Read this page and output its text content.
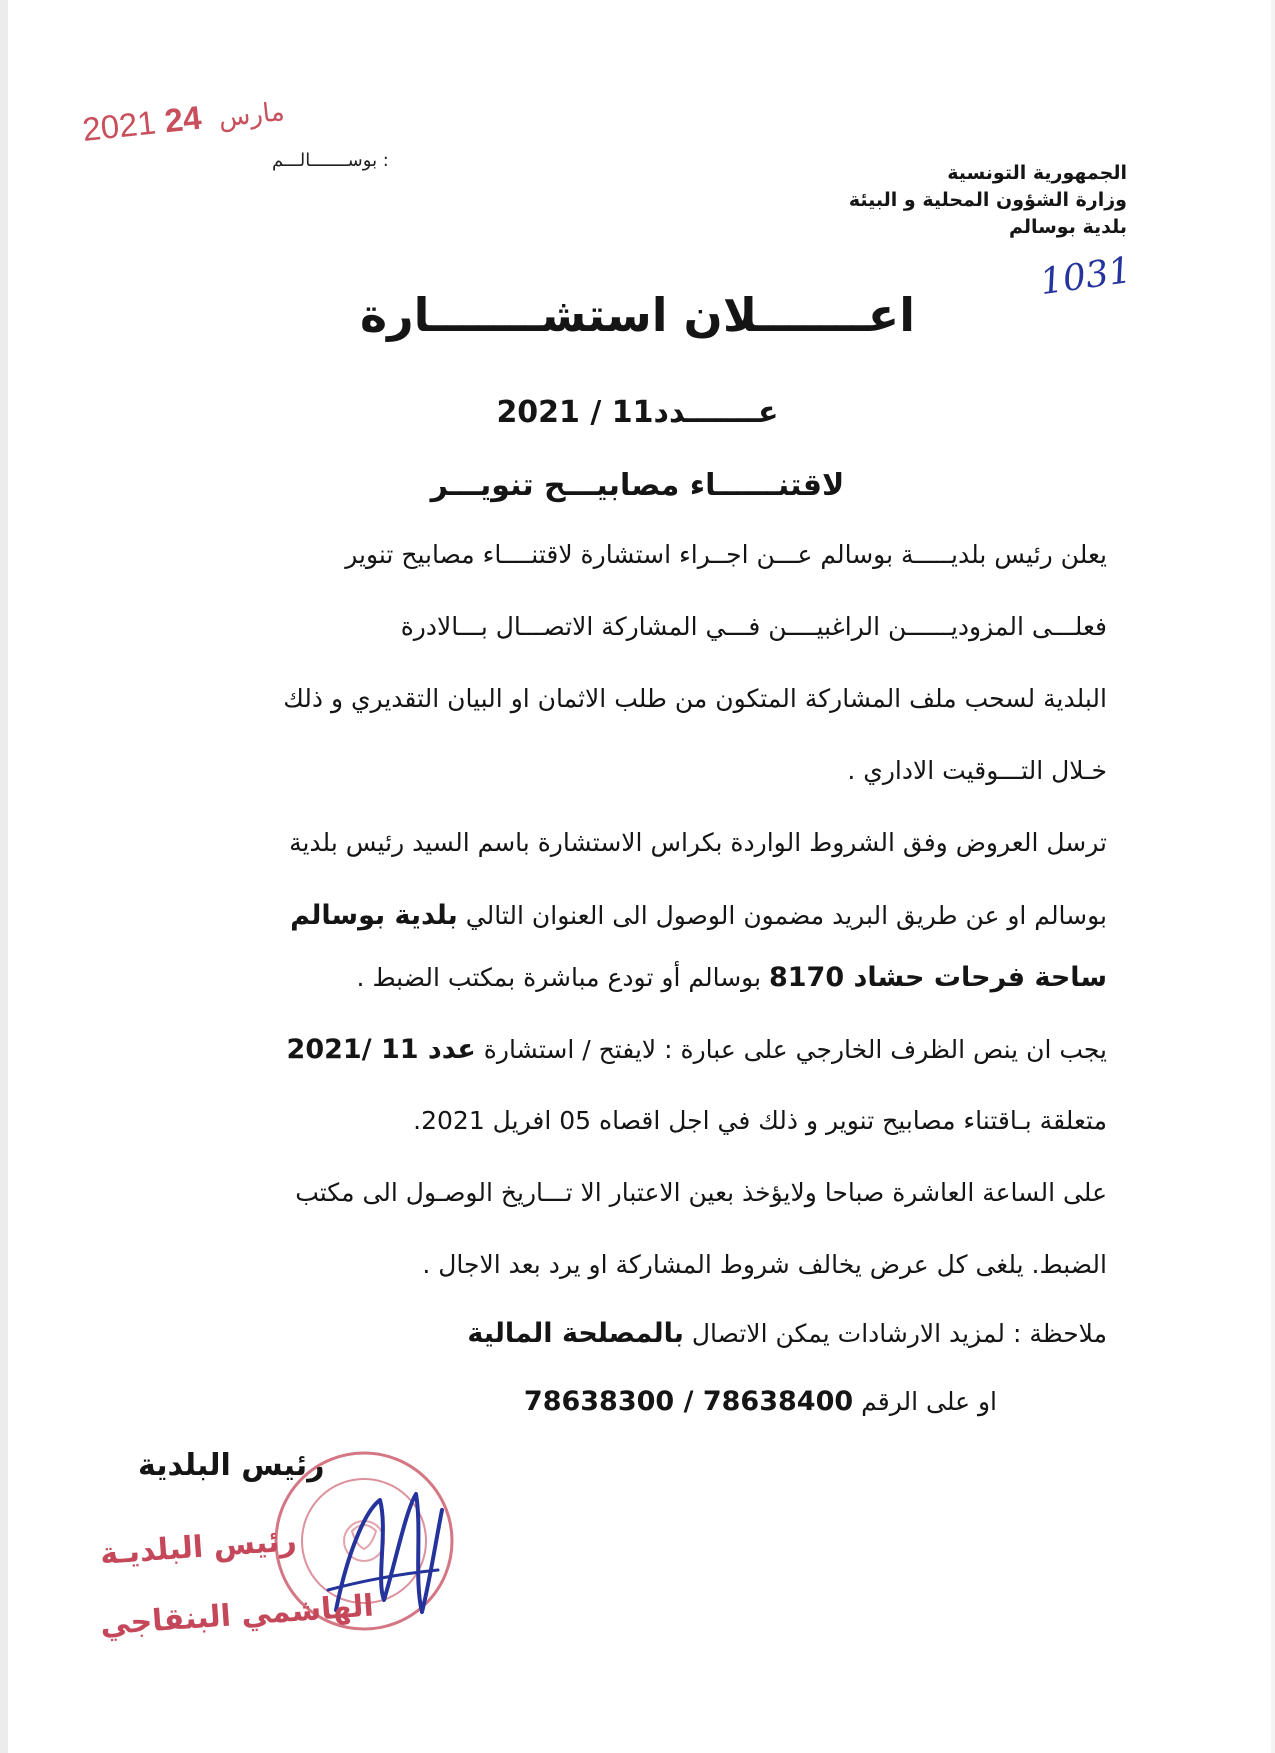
2021 مارس 24
بوســـــــالـــم :
الجمهورية التونسية
وزارة الشؤون المحلية و البيئة
بلدية بوسالم
1031
اعـــــــلان استشـــــــارة
عـــــــدد11 / 2021
لاقتنــــــاء مصابيـــح تنويـــر
يعلن رئيس بلديـــــة بوسالم عـــن اجــراء استشارة لاقتنــــاء مصابيح تنوير
فعلـــى المزوديــــــن الراغبيــــن فـــي المشاركة الاتصـــال بـــالادرة
البلدية لسحب ملف المشاركة المتكون من طلب الاثمان او البيان التقديري و ذلك
خـلال التـــوقيت الاداري .
ترسل العروض وفق الشروط الواردة بكراس الاستشارة باسم السيد رئيس بلدية
بوسالم او عن طريق البريد مضمون الوصول الى العنوان التالي بلدية بوسالم
ساحة فرحات حشاد 8170 بوسالم أو تودع مباشرة بمكتب الضبط .
يجب ان ينص الظرف الخارجي على عبارة : لايفتح / استشارة عدد 11 /2021
متعلقة بـاقتناء مصابيح تنوير و ذلك في اجل اقصاه 05 افريل 2021.
على الساعة العاشرة صباحا ولايؤخذ بعين الاعتبار الا تـــاريخ الوصـول الى مكتب
الضبط. يلغى كل عرض يخالف شروط المشاركة او يرد بعد الاجال .
ملاحظة : لمزيد الارشادات يمكن الاتصال بالمصلحة المالية
او على الرقم 78638300 / 78638400
رئيس البلدية
رئيس البلديـة
الهاشمي البنقاجي
